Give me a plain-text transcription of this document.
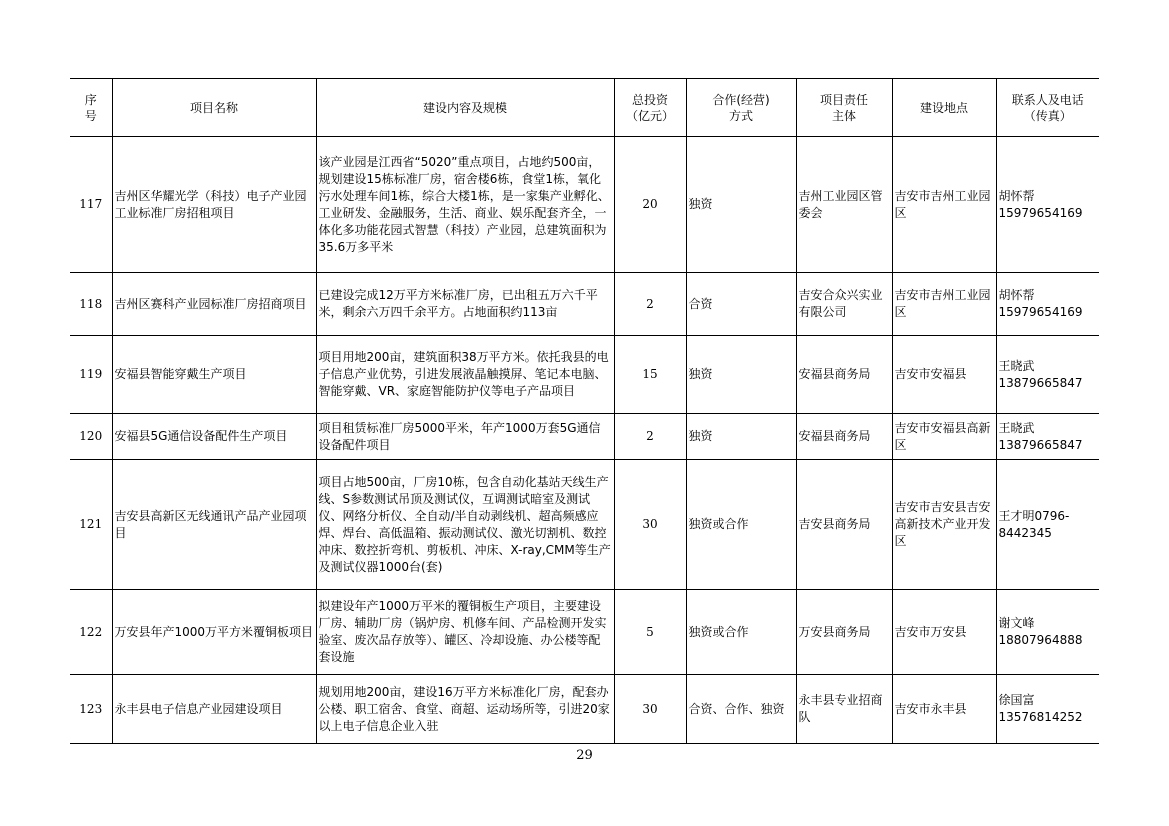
序号	项目名称	建设内容及规模	总投资（亿元）	合作(经营)方式	项目责任主体	建设地点	联系人及电话（传真）
117	吉州区华耀光学（科技）电子产业园工业标准厂房招租项目	该产业园是江西省“5020”重点项目，占地约500亩，规划建设15栋标准厂房，宿舍楼6栋，食堂1栋，氧化污水处理车间1栋，综合大楼1栋，是一家集产业孵化、工业研发、金融服务，生活、商业、娱乐配套齐全，一体化多功能花园式智慧（科技）产业园，总建筑面积为35.6万多平米	20	独资	吉州工业园区管委会	吉安市吉州工业园区	胡怀帮 15979654169
118	吉州区赛科产业园标准厂房招商项目	已建设完成12万平方米标准厂房，已出租五万六千平米，剩余六万四千余平方。占地面积约113亩	2	合资	吉安合众兴实业有限公司	吉安市吉州工业园区	胡怀帮 15979654169
119	安福县智能穿戴生产项目	项目用地200亩，建筑面积38万平方米。依托我县的电子信息产业优势，引进发展液晶触摸屏、笔记本电脑、智能穿戴、VR、家庭智能防护仪等电子产品项目	15	独资	安福县商务局	吉安市安福县	王晓武 13879665847
120	安福县5G通信设备配件生产项目	项目租赁标准厂房5000平米，年产1000万套5G通信设备配件项目	2	独资	安福县商务局	吉安市安福县高新区	王晓武 13879665847
121	吉安县高新区无线通讯产品产业园项目	项目占地500亩，厂房10栋，包含自动化基站天线生产线、S参数测试吊顶及测试仪，互调测试暗室及测试仪、网络分析仪、全自动/半自动剥线机、超高频感应焊、焊台、高低温箱、振动测试仪、激光切割机、数控冲床、数控折弯机、剪板机、冲床、X-ray,CMM等生产及测试仪器1000台(套)	30	独资或合作	吉安县商务局	吉安市吉安县吉安高新技术产业开发区	王才明0796-8442345
122	万安县年产1000万平方米覆铜板项目	拟建设年产1000万平米的覆铜板生产项目，主要建设厂房、辅助厂房（锅炉房、机修车间、产品检测开发实验室、废次品存放等）、罐区、冷却设施、办公楼等配套设施	5	独资或合作	万安县商务局	吉安市万安县	谢文峰 18807964888
123	永丰县电子信息产业园建设项目	规划用地200亩，建设16万平方米标准化厂房，配套办公楼、职工宿舍、食堂、商超、运动场所等，引进20家以上电子信息企业入驻	30	合资、合作、独资	永丰县专业招商队	吉安市永丰县	徐国富 13576814252
29
